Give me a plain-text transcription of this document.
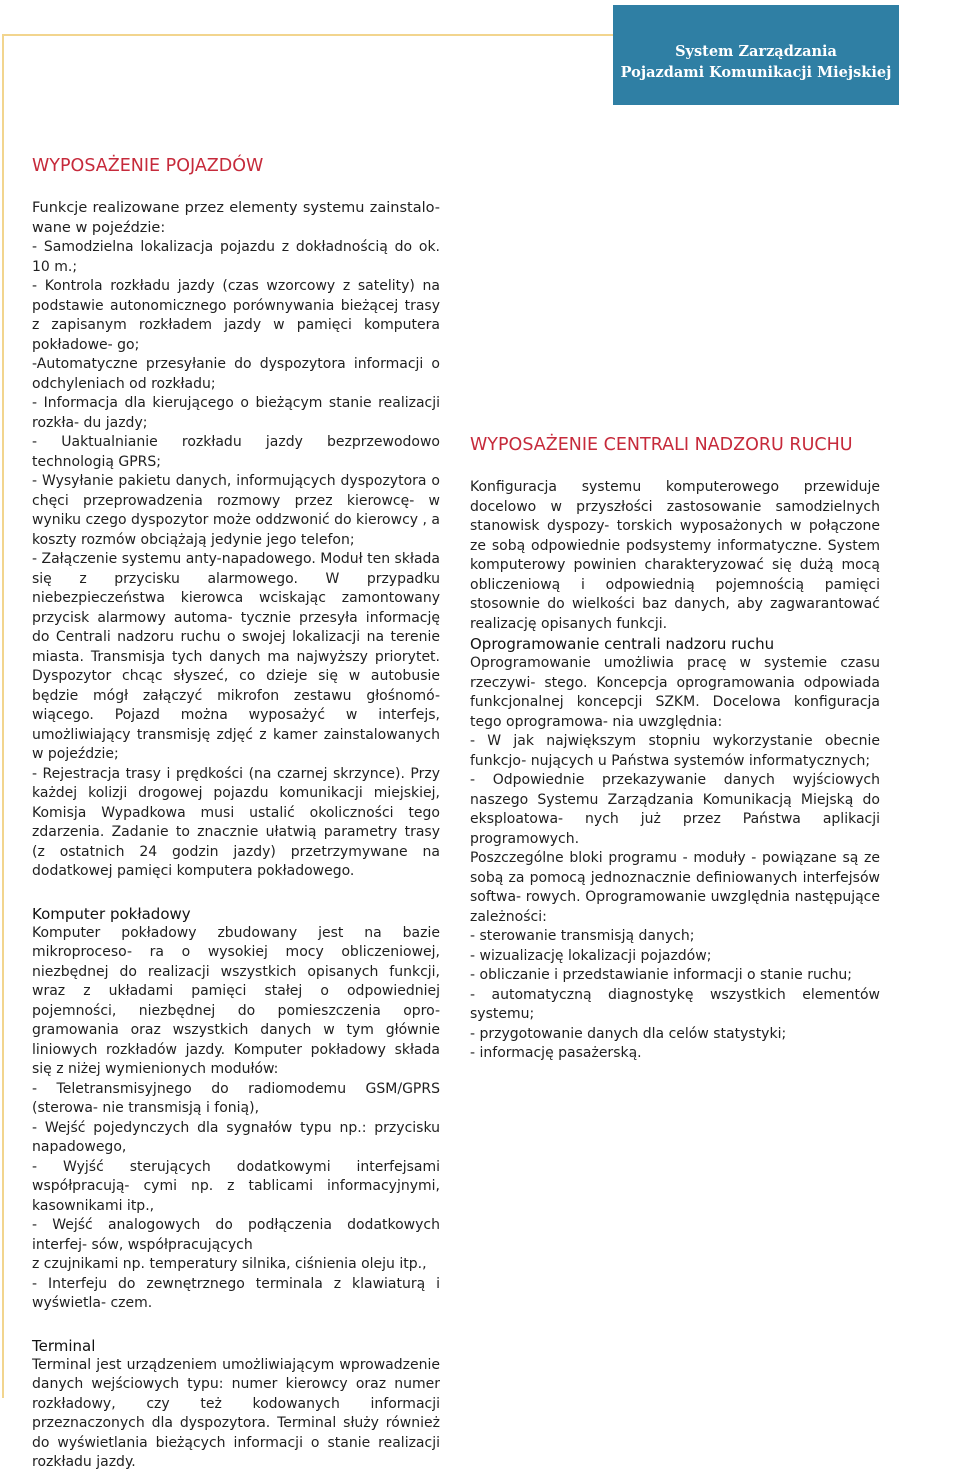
System Zarządzania
Pojazdami Komunikacji Miejskiej
WYPOSAŻENIE POJAZDÓW

Funkcje realizowane przez elementy systemu zainstalo- wane w pojeździe:

- Samodzielna lokalizacja pojazdu z dokładnością do ok. 10 m.;

- Kontrola rozkładu jazdy (czas wzorcowy z satelity) na podstawie autonomicznego porównywania bieżącej trasy z zapisanym rozkładem jazdy w pamięci komputera pokładowe- go;

-Automatyczne przesyłanie do dyspozytora informacji o odchyleniach od rozkładu;

- Informacja dla kierującego o bieżącym stanie realizacji rozkła- du jazdy;

- Uaktualnianie rozkładu jazdy bezprzewodowo technologią GPRS;

- Wysyłanie pakietu danych, informujących dyspozytora o chęci przeprowadzenia rozmowy przez kierowcę- w wyniku czego dyspozytor może oddzwonić do kierowcy , a koszty rozmów obciążają jedynie jego telefon;

- Załączenie systemu anty-napadowego. Moduł ten składa się z przycisku alarmowego. W przypadku niebezpieczeństwa kierowca wciskając zamontowany przycisk alarmowy automa- tycznie przesyła informację do Centrali nadzoru ruchu o swojej lokalizacji na terenie miasta. Transmisja tych danych ma najwyższy priorytet. Dyspozytor chcąc słyszeć, co dzieje się w autobusie będzie mógł załączyć mikrofon zestawu głośnomó- wiącego. Pojazd można wyposażyć w interfejs, umożliwiający transmisję zdjęć z kamer zainstalowanych w pojeździe;

- Rejestracja trasy i prędkości (na czarnej skrzynce). Przy każdej kolizji drogowej pojazdu komunikacji miejskiej, Komisja Wypadkowa musi ustalić okoliczności tego zdarzenia. Zadanie to znacznie ułatwią parametry trasy (z ostatnich 24 godzin jazdy) przetrzymywane na dodatkowej pamięci komputera pokładowego.

Komputer pokładowy

Komputer pokładowy zbudowany jest na bazie mikroproceso- ra o wysokiej mocy obliczeniowej, niezbędnej do realizacji wszystkich opisanych funkcji, wraz z układami pamięci stałej o odpowiedniej pojemności, niezbędnej do pomieszczenia opro- gramowania oraz wszystkich danych w tym głównie liniowych rozkładów jazdy. Komputer pokładowy składa się z niżej wymienionych modułów:

- Teletransmisyjnego do radiomodemu GSM/GPRS (sterowa- nie transmisją i fonią),

- Wejść pojedynczych dla sygnałów typu np.: przycisku napadowego,

- Wyjść sterujących dodatkowymi interfejsami współpracują- cymi np. z tablicami informacyjnymi, kasownikami itp.,

- Wejść analogowych do podłączenia dodatkowych interfej- sów, współpracujących

z czujnikami np. temperatury silnika, ciśnienia oleju itp.,

- Interfeju do zewnętrznego terminala z klawiaturą i wyświetla- czem.

Terminal

Terminal jest urządzeniem umożliwiającym wprowadzenie danych wejściowych typu: numer kierowcy oraz numer rozkładowy, czy też kodowanych informacji przeznaczonych dla dyspozytora. Terminal służy również do wyświetlania bieżących informacji o stanie realizacji rozkładu jazdy.

WYPOSAŻENIE CENTRALI NADZORU RUCHU

Konfiguracja systemu komputerowego przewiduje docelowo w przyszłości zastosowanie samodzielnych stanowisk dyspozy- torskich wyposażonych w połączone ze sobą odpowiednie podsystemy informatyczne. System komputerowy powinien charakteryzować się dużą mocą obliczeniową i odpowiednią pojemnością pamięci stosownie do wielkości baz danych, aby zagwarantować realizację opisanych funkcji.

Oprogramowanie centrali nadzoru ruchu

Oprogramowanie umożliwia pracę w systemie czasu rzeczywi- stego. Koncepcja oprogramowania odpowiada funkcjonalnej koncepcji SZKM. Docelowa konfiguracja tego oprogramowa- nia uwzględnia:

- W jak największym stopniu wykorzystanie obecnie funkcjo- nujących u Państwa systemów informatycznych;

- Odpowiednie przekazywanie danych wyjściowych naszego Systemu Zarządzania Komunikacją Miejską do eksploatowa- nych już przez Państwa aplikacji programowych.

Poszczególne bloki programu - moduły - powiązane są ze sobą za pomocą jednoznacznie definiowanych interfejsów softwa- rowych. Oprogramowanie uwzględnia następujące zależności:

- sterowanie transmisją danych;

- wizualizację lokalizacji pojazdów;

- obliczanie i przedstawianie informacji o stanie ruchu;

- automatyczną diagnostykę wszystkich elementów systemu;

- przygotowanie danych dla celów statystyki;

- informację pasażerską.
